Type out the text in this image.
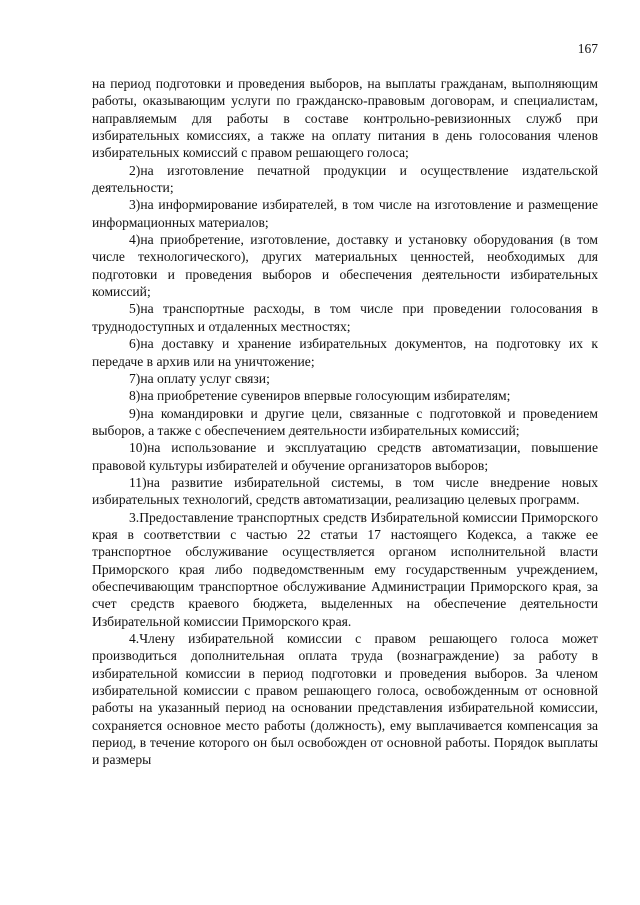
167

на период подготовки и проведения выборов, на выплаты гражданам, выполняющим работы, оказывающим услуги по гражданско-правовым договорам, и специалистам, направляемым для работы в составе контрольно-ревизионных служб при избирательных комиссиях, а также на оплату питания в день голосования членов избирательных комиссий с правом решающего голоса;

2)на изготовление печатной продукции и осуществление издательской деятельности;

3)на информирование избирателей, в том числе на изготовление и размещение информационных материалов;

4)на приобретение, изготовление, доставку и установку оборудования (в том числе технологического), других материальных ценностей, необходимых для подготовки и проведения выборов и обеспечения деятельности избирательных комиссий;

5)на транспортные расходы, в том числе при проведении голосования в труднодоступных и отдаленных местностях;

6)на доставку и хранение избирательных документов, на подготовку их к передаче в архив или на уничтожение;

7)на оплату услуг связи;

8)на приобретение сувениров впервые голосующим избирателям;

9)на командировки и другие цели, связанные с подготовкой и проведением выборов, а также с обеспечением деятельности избирательных комиссий;

10)на использование и эксплуатацию средств автоматизации, повышение правовой культуры избирателей и обучение организаторов выборов;

11)на развитие избирательной системы, в том числе внедрение новых избирательных технологий, средств автоматизации, реализацию целевых программ.

3.Предоставление транспортных средств Избирательной комиссии Приморского края в соответствии с частью 22 статьи 17 настоящего Кодекса, а также ее транспортное обслуживание осуществляется органом исполнительной власти Приморского края либо подведомственным ему государственным учреждением, обеспечивающим транспортное обслуживание Администрации Приморского края, за счет средств краевого бюджета, выделенных на обеспечение деятельности Избирательной комиссии Приморского края.

4.Члену избирательной комиссии с правом решающего голоса может производиться дополнительная оплата труда (вознаграждение) за работу в избирательной комиссии в период подготовки и проведения выборов. За членом избирательной комиссии с правом решающего голоса, освобожденным от основной работы на указанный период на основании представления избирательной комиссии, сохраняется основное место работы (должность), ему выплачивается компенсация за период, в течение которого он был освобожден от основной работы. Порядок выплаты и размеры
